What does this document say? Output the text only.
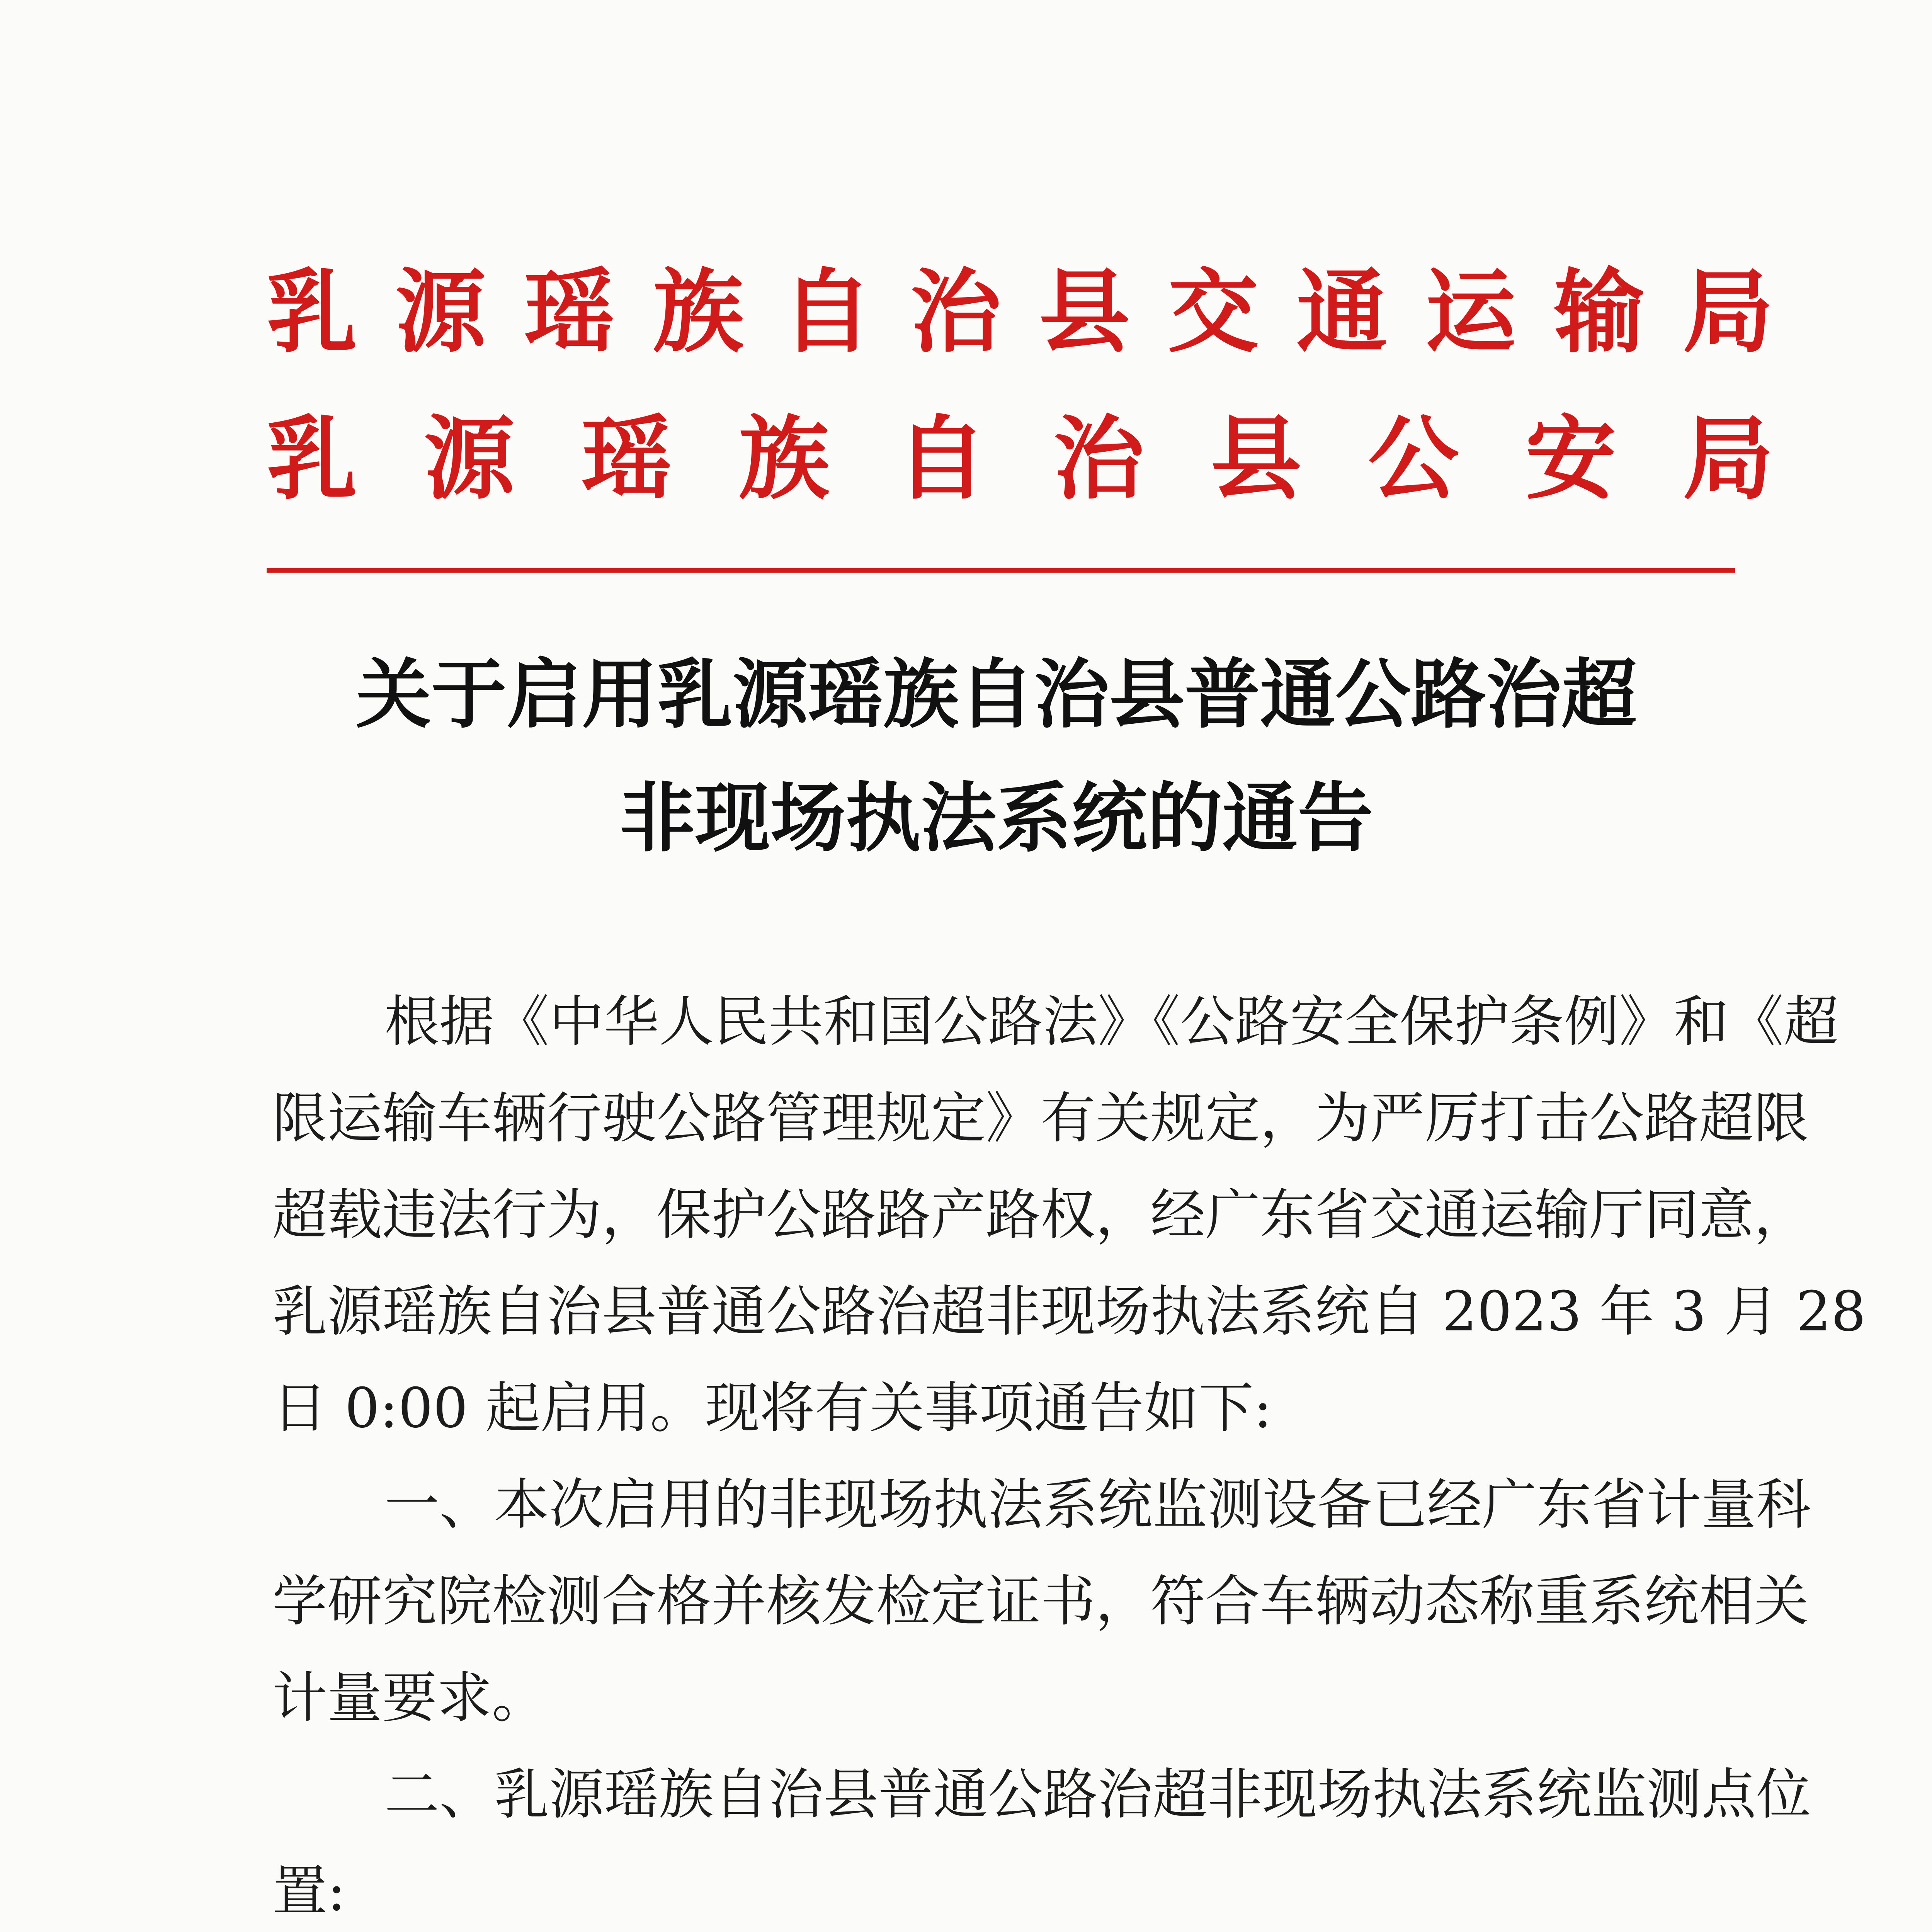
乳 源 瑶 族 自 治 县 交 通 运 输 局
乳 源 瑶 族 自 治 县 公 安 局
关于启用乳源瑶族自治县普通公路治超
非现场执法系统的通告
根据《中华人民共和国公路法》《公路安全保护条例》和《超
限运输车辆行驶公路管理规定》有关规定，为严厉打击公路超限
超载违法行为，保护公路路产路权，经广东省交通运输厅同意，
乳源瑶族自治县普通公路治超非现场执法系统自 2023 年 3 月 28
日 0:00 起启用。现将有关事项通告如下:
一、本次启用的非现场执法系统监测设备已经广东省计量科
学研究院检测合格并核发检定证书，符合车辆动态称重系统相关
计量要求。
二、乳源瑶族自治县普通公路治超非现场执法系统监测点位
置:
